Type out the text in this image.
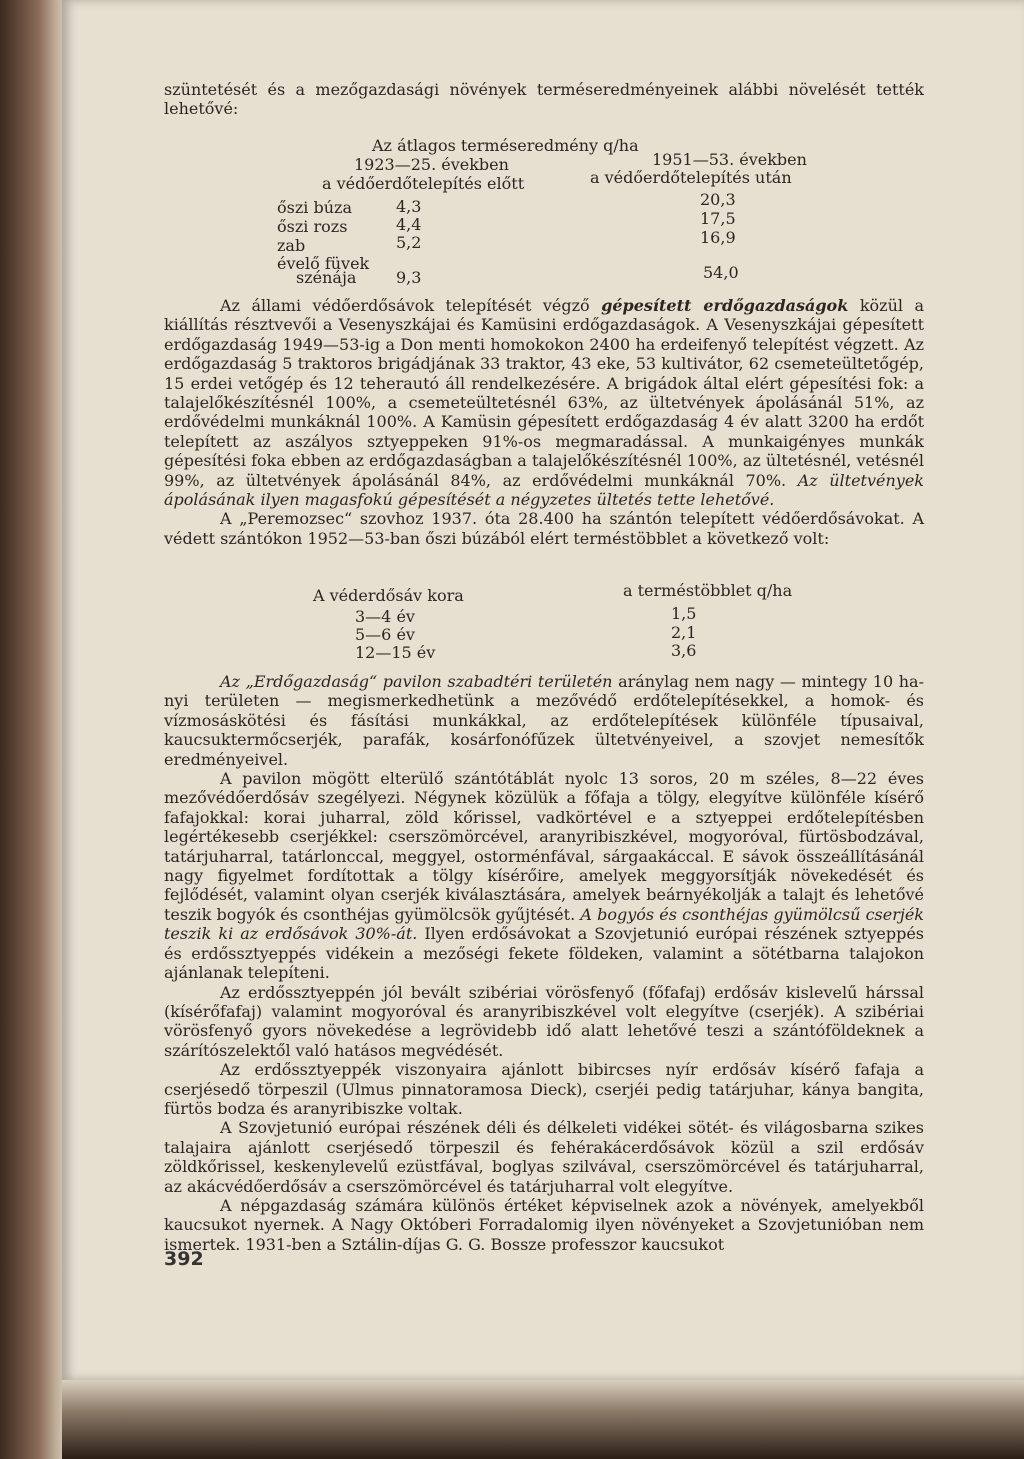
szüntetését és a mezőgazdasági növények terméseredményeinek alábbi növelését tették lehetővé:

Az átlagos terméseredmény q/ha
1923—25. években	1951—53. években
a védőerdőtelepítés előtt	a védőerdőtelepítés után
őszi búza	4,3	20,3
őszi rozs	4,4	17,5
zab	5,2	16,9
évelő füvek
szénája 9,3	54,0

Az állami védőerdősávok telepítését végző gépesített erdőgazdaságok közül a kiállítás résztvevői a Vesenyszkájai és Kamüsini erdőgazdaságok. A Vesenyszkájai gépesített erdőgazdaság 1949—53-ig a Don menti homokokon 2400 ha erdeifenyő telepítést végzett. Az erdőgazdaság 5 traktoros brigádjának 33 traktor, 43 eke, 53 kultivátor, 62 csemeteültetőgép, 15 erdei vetőgép és 12 teherautó áll rendelkezésére. A brigádok által elért gépesítési fok: a talajelőkészítésnél 100%, a csemeteültetésnél 63%, az ültetvények ápolásánál 51%, az erdővédelmi munkáknál 100%. A Kamüsin gépesített erdőgazdaság 4 év alatt 3200 ha erdőt telepített az aszályos sztyeppeken 91%-os megmaradással. A munkaigényes munkák gépesítési foka ebben az erdőgazdaságban a talajelőkészítésnél 100%, az ültetésnél, vetésnél 99%, az ültetvények ápolásánál 84%, az erdővédelmi munkáknál 70%. Az ültetvények ápolásának ilyen magasfokú gépesítését a négyzetes ültetés tette lehetővé.

A „Peremozsec“ szovhoz 1937. óta 28.400 ha szántón telepített védőerdősávokat. A védett szántókon 1952—53-ban őszi búzából elért terméstöbblet a következő volt:

A véderdősáv kora	a terméstöbblet q/ha
3—4 év	1,5
5—6 év	2,1
12—15 év	3,6

Az „Erdőgazdaság“ pavilon szabadtéri területén aránylag nem nagy — mintegy 10 ha-nyi területen — megismerkedhetünk a mezővédő erdőtelepítésekkel, a homok- és vízmosáskötési és fásítási munkákkal, az erdőtelepítések különféle típusaival, kaucsuktermőcserjék, parafák, kosárfonófűzek ültetvényeivel, a szovjet nemesítők eredményeivel.

A pavilon mögött elterülő szántótáblát nyolc 13 soros, 20 m széles, 8—22 éves mezővédőerdősáv szegélyezi. Négynek közülük a főfaja a tölgy, elegyítve különféle kísérő fafajokkal: korai juharral, zöld kőrissel, vadkörtével e a sztyeppei erdőtelepítésben legértékesebb cserjékkel: cserszömörcével, aranyribiszkével, mogyoróval, fürtösbodzával, tatárjuharral, tatárlonccal, meggyel, ostorménfával, sárgaakáccal. E sávok összeállításánál nagy figyelmet fordítottak a tölgy kísérőire, amelyek meggyorsítják növekedését és fejlődését, valamint olyan cserjék kiválasztására, amelyek beárnyékolják a talajt és lehetővé teszik bogyók és csonthéjas gyümölcsök gyűjtését. A bogyós és csonthéjas gyümölcsű cserjék teszik ki az erdősávok 30%-át. Ilyen erdősávokat a Szovjetunió európai részének sztyeppés és erdőssztyeppés vidékein a mezőségi fekete földeken, valamint a sötétbarna talajokon ajánlanak telepíteni.

Az erdőssztyeppén jól bevált szibériai vörösfenyő (főfafaj) erdősáv kislevelű hárssal (kísérőfafaj) valamint mogyoróval és aranyribiszkével volt elegyítve (cserjék). A szibériai vörösfenyő gyors növekedése a legrövidebb idő alatt lehetővé teszi a szántóföldeknek a szárítószelektől való hatásos megvédését.

Az erdőssztyeppék viszonyaira ajánlott bibircses nyír erdősáv kísérő fafaja a cserjésedő törpeszil (Ulmus pinnatoramosa Dieck), cserjéi pedig tatárjuhar, kánya bangita, fürtös bodza és aranyribiszke voltak.

A Szovjetunió európai részének déli és délkeleti vidékei sötét- és világosbarna szikes talajaira ajánlott cserjésedő törpeszil és fehérakácerdősávok közül a szil erdősáv zöldkőrissel, keskenylevelű ezüstfával, boglyas szilvával, cserszömörcével és tatárjuharral, az akácvédőerdősáv a cserszömörcével és tatárjuharral volt elegyítve.

A népgazdaság számára különös értéket képviselnek azok a növények, amelyekből kaucsukot nyernek. A Nagy Októberi Forradalomig ilyen növényeket a Szovjetunióban nem ismertek. 1931-ben a Sztálin-díjas G. G. Bossze professzor kaucsukot

392
